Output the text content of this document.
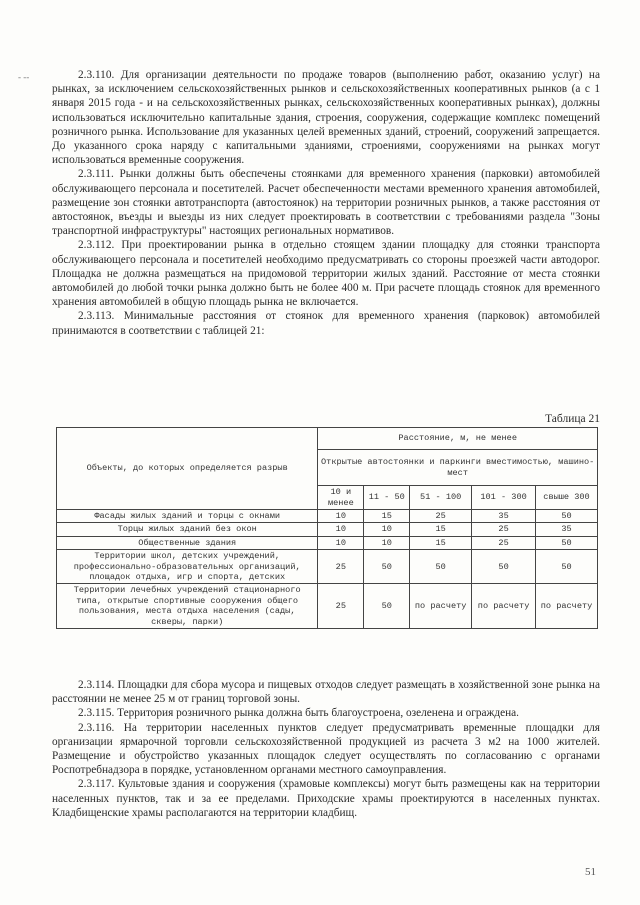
- --	2.3.110. Для организации деятельности по продаже товаров (выполнению работ, оказанию услуг) на рынках, за исключением сельскохозяйственных рынков и сельскохозяйственных кооперативных рынков (а с 1 января 2015 года - и на сельскохозяйственных рынках, сельскохозяйственных кооперативных рынках), должны использоваться исключительно капитальные здания, строения, сооружения, содержащие комплекс помещений розничного рынка. Использование для указанных целей временных зданий, строений, сооружений запрещается. До указанного срока наряду с капитальными зданиями, строениями, сооружениями на рынках могут использоваться временные сооружения.

2.3.111. Рынки должны быть обеспечены стоянками для временного хранения (парковки) автомобилей обслуживающего персонала и посетителей. Расчет обеспеченности местами временного хранения автомобилей, размещение зон стоянки автотранспорта (автостоянок) на территории розничных рынков, а также расстояния от автостоянок, въезды и выезды из них следует проектировать в соответствии с требованиями раздела "Зоны транспортной инфраструктуры" настоящих региональных нормативов.

2.3.112. При проектировании рынка в отдельно стоящем здании площадку для стоянки транспорта обслуживающего персонала и посетителей необходимо предусматривать со стороны проезжей части автодорог. Площадка не должна размещаться на придомовой территории жилых зданий. Расстояние от места стоянки автомобилей до любой точки рынка должно быть не более 400 м. При расчете площадь стоянок для временного хранения автомобилей в общую площадь рынка не включается.

2.3.113. Минимальные расстояния от стоянок для временного хранения (парковок) автомобилей принимаются в соответствии с таблицей 21:

Таблица 21
Объекты, до которых определяется разрыв	Расстояние, м, не менее				
	Открытые автостоянки и паркинги вместимостью, машино-мест				
	10 и менее	11 - 50	51 - 100	101 - 300	свыше 300
Фасады жилых зданий и торцы с окнами	10	15	25	35	50
Торцы жилых зданий без окон	10	10	15	25	35
Общественные здания	10	10	15	25	50
Территории школ, детских учреждений, профессионально-образовательных организаций, площадок отдыха, игр и спорта, детских	25	50	50	50	50
Территории лечебных учреждений стационарного типа, открытые спортивные сооружения общего пользования, места отдыха населения (сады, скверы, парки)	25	50	по расчету	по расчету	по расчету

2.3.114. Площадки для сбора мусора и пищевых отходов следует размещать в хозяйственной зоне рынка на расстоянии не менее 25 м от границ торговой зоны.

2.3.115. Территория розничного рынка должна быть благоустроена, озеленена и ограждена.

2.3.116. На территории населенных пунктов следует предусматривать временные площадки для организации ярмарочной торговли сельскохозяйственной продукцией из расчета 3 м2 на 1000 жителей. Размещение и обустройство указанных площадок следует осуществлять по согласованию с органами Роспотребнадзора в порядке, установленном органами местного самоуправления.

2.3.117. Культовые здания и сооружения (храмовые комплексы) могут быть размещены как на территории населенных пунктов, так и за ее пределами. Приходские храмы проектируются в населенных пунктах. Кладбищенские храмы располагаются на территории кладбищ.

51
